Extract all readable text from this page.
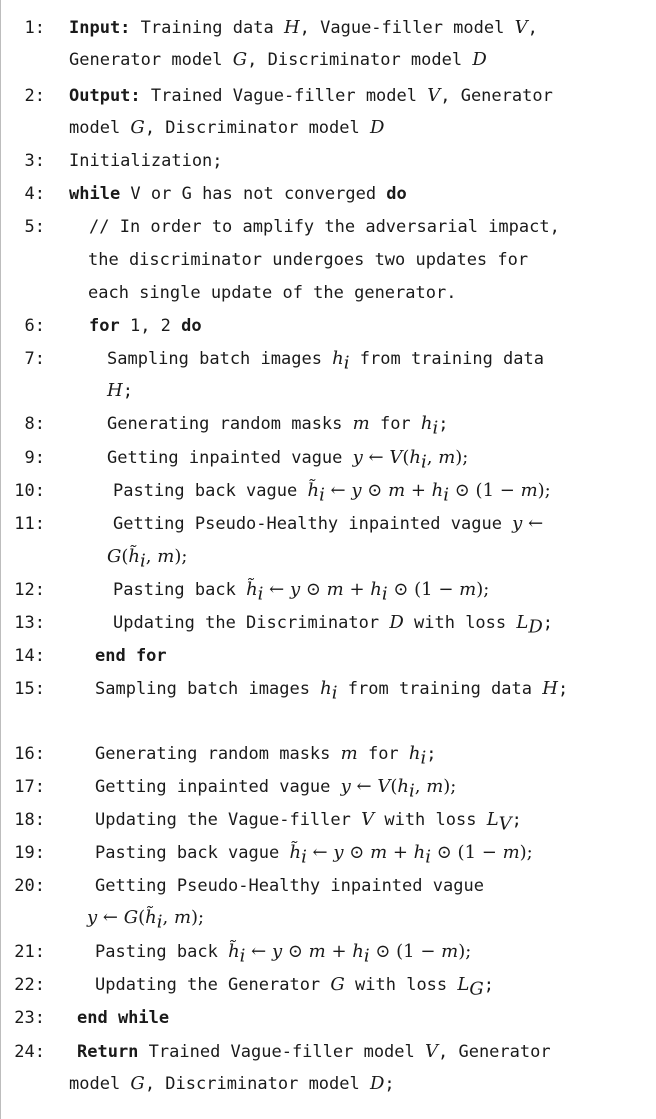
1: Input: Training data H, Vague-filler model V,
Generator model G, Discriminator model D
2: Output: Trained Vague-filler model V, Generator
model G, Discriminator model D
3: Initialization;
4: while V or G has not converged do
5:	// In order to amplify the adversarial impact,
the discriminator undergoes two updates for
each single update of the generator.
6:	for 1, 2 do
7:	Sampling batch images $h_i$ from training data
H;
8:	Generating random masks m for $h_i$;
9:	Getting inpainted vague y ← $V(h_i$, m);
10:	Pasting back vague $h̃_i$ ← y ⊙ $m + h_i$ ⊙ (1 − m);
11:	Getting Pseudo-Healthy inpainted vague y ←
$G(h̃_i$, m);
12:	Pasting back $h̃_i$ ← y ⊙ $m + h_i$ ⊙ (1 − m);
13:	Updating the Discriminator D with loss $L_D$;
14:	end for
15:	Sampling batch images $h_i$ from training data H;
16:	Generating random masks m for $h_i$;
17:	Getting inpainted vague y ← $V(h_i$, m);
18:	Updating the Vague-filler V with loss $L_V$;
19:	Pasting back vague $h̃_i$ ← y ⊙ $m + h_i$ ⊙ (1 − m);
20:	Getting Pseudo-Healthy inpainted vague
y ← $G(h̃_i$, m);
21:	Pasting back $h̃_i$ ← y ⊙ $m + h_i$ ⊙ (1 − m);
22:	Updating the Generator G with loss $L_G$;
23: end while
24: Return Trained Vague-filler model V, Generator
model G, Discriminator model D;
